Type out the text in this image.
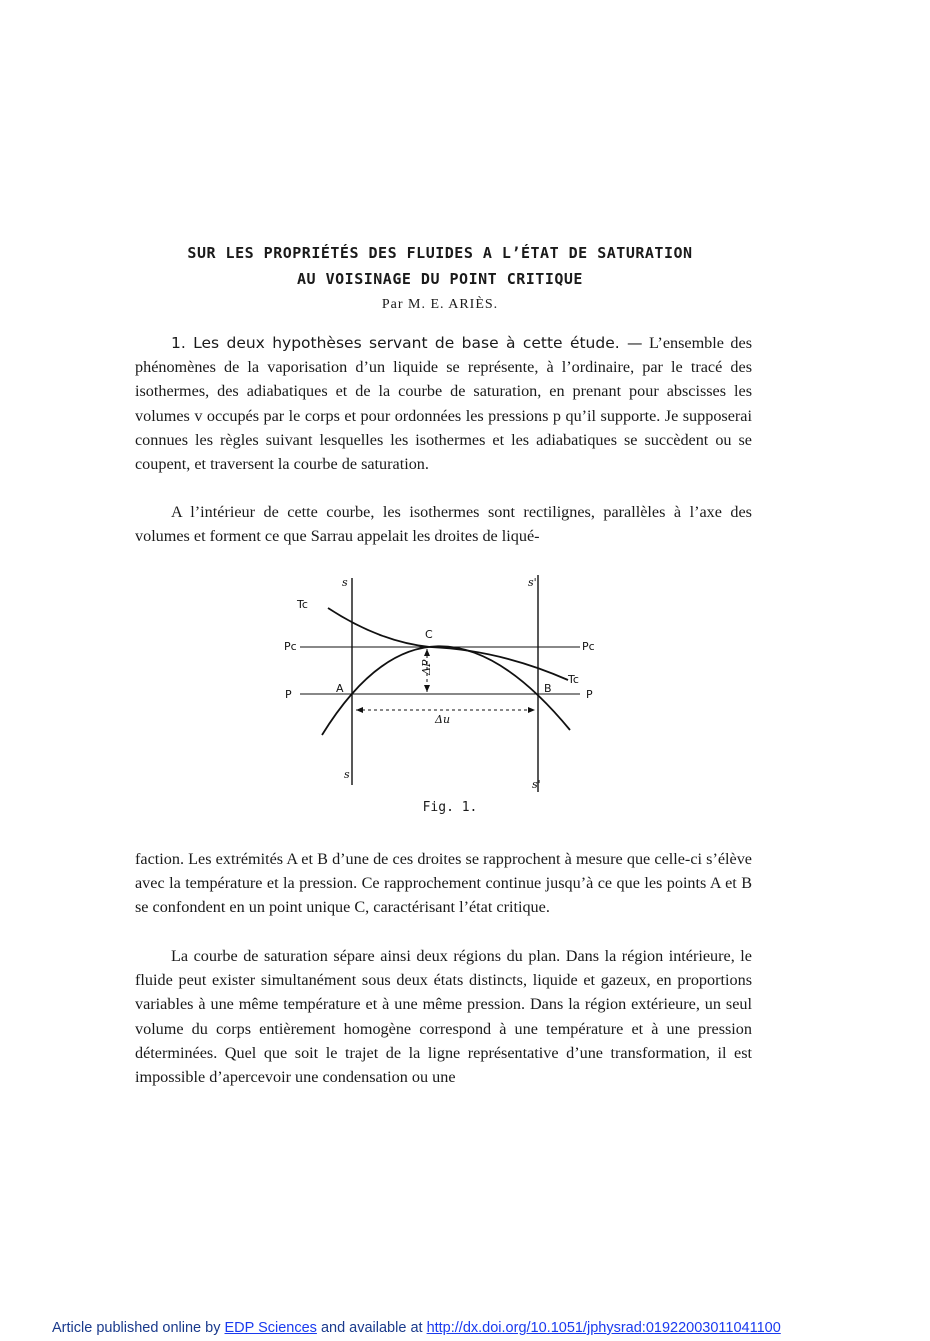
SUR LES PROPRIÉTÉS DES FLUIDES A L’ÉTAT DE SATURATION
AU VOISINAGE DU POINT CRITIQUE
Par M. E. ARIÈS.

1. Les deux hypothèses servant de base à cette étude. — L’ensemble des phénomènes de la vaporisation d’un liquide se représente, à l’ordinaire, par le tracé des isothermes, des adiabatiques et de la courbe de saturation, en prenant pour abscisses les volumes v occupés par le corps et pour ordonnées les pressions p qu’il supporte. Je supposerai connues les règles suivant lesquelles les isothermes et les adiabatiques se succèdent ou se coupent, et traversent la courbe de saturation.

A l’intérieur de cette courbe, les isothermes sont rectilignes, parallèles à l’axe des volumes et forment ce que Sarrau appelait les droites de liqué-

Tc
Tc
Pc	Pc
P	P
C
A	B
ΔP
Δu
s	s'
s
s'
Fig. 1.

faction. Les extrémités A et B d’une de ces droites se rapprochent à mesure que celle-ci s’élève avec la température et la pression. Ce rapprochement continue jusqu’à ce que les points A et B se confondent en un point unique C, caractérisant l’état critique.

La courbe de saturation sépare ainsi deux régions du plan. Dans la région intérieure, le fluide peut exister simultanément sous deux états distincts, liquide et gazeux, en proportions variables à une même température et à une même pression. Dans la région extérieure, un seul volume du corps entièrement homogène correspond à une température et à une pression déterminées. Quel que soit le trajet de la ligne représentative d’une transformation, il est impossible d’apercevoir une condensation ou une

Article published online by EDP Sciences and available at http://dx.doi.org/10.1051/jphysrad:01922003011041100
